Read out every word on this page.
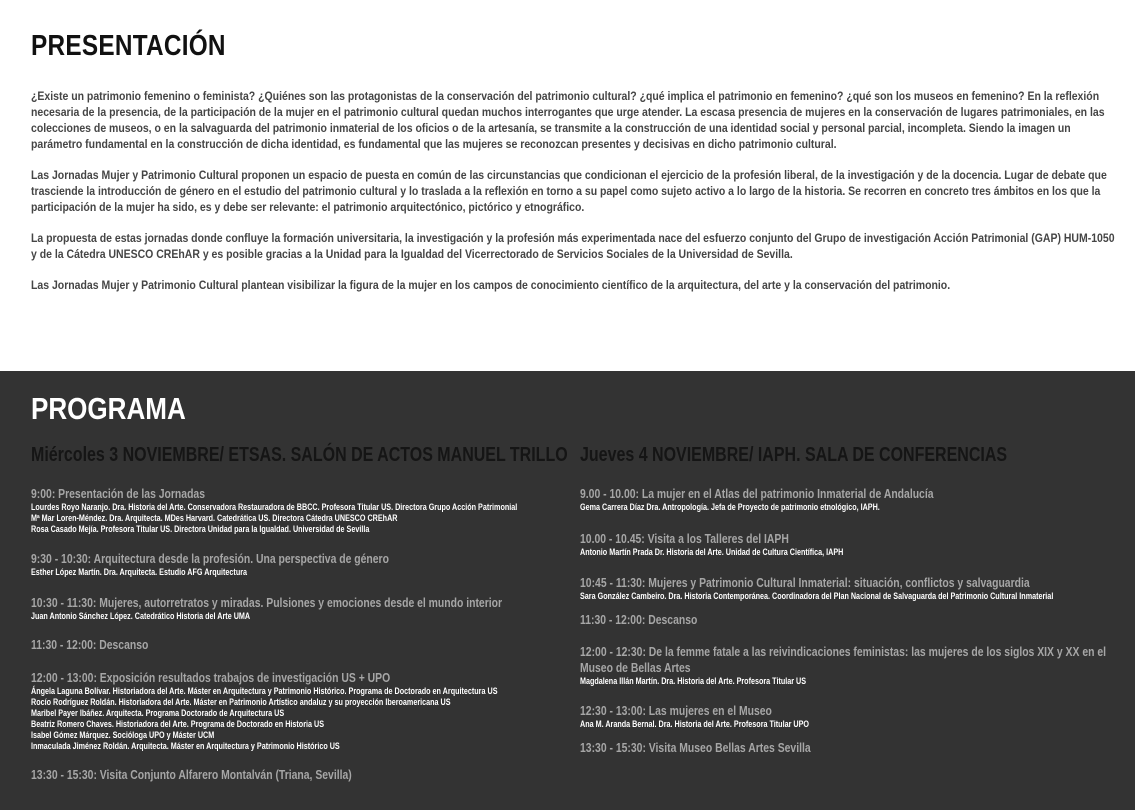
PRESENTACIÓN

¿Existe un patrimonio femenino o feminista? ¿Quiénes son las protagonistas de la conservación del patrimonio cultural? ¿qué implica el patrimonio en femenino? ¿qué son los museos en femenino? En la reflexión necesaria de la presencia, de la participación de la mujer en el patrimonio cultural quedan muchos interrogantes que urge atender. La escasa presencia de mujeres en la conservación de lugares patrimoniales, en las colecciones de museos, o en la salvaguarda del patrimonio inmaterial de los oficios o de la artesanía, se transmite a la construcción de una identidad social y personal parcial, incompleta. Siendo la imagen un parámetro fundamental en la construcción de dicha identidad, es fundamental que las mujeres se reconozcan presentes y decisivas en dicho patrimonio cultural.

Las Jornadas Mujer y Patrimonio Cultural proponen un espacio de puesta en común de las circunstancias que condicionan el ejercicio de la profesión liberal, de la investigación y de la docencia. Lugar de debate que trasciende la introducción de género en el estudio del patrimonio cultural y lo traslada a la reflexión en torno a su papel como sujeto activo a lo largo de la historia. Se recorren en concreto tres ámbitos en los que la participación de la mujer ha sido, es y debe ser relevante: el patrimonio arquitectónico, pictórico y etnográfico.

La propuesta de estas jornadas donde confluye la formación universitaria, la investigación y la profesión más experimentada nace del esfuerzo conjunto del Grupo de investigación Acción Patrimonial (GAP) HUM-1050 y de la Cátedra UNESCO CREhAR y es posible gracias a la Unidad para la Igualdad del Vicerrectorado de Servicios Sociales de la Universidad de Sevilla.

Las Jornadas Mujer y Patrimonio Cultural plantean visibilizar la figura de la mujer en los campos de conocimiento científico de la arquitectura, del arte y la conservación del patrimonio.

PROGRAMA
Miércoles 3 NOVIEMBRE/ ETSAS. SALÓN DE ACTOS MANUEL TRILLO
9:00: Presentación de las Jornadas
Lourdes Royo Naranjo. Dra. Historia del Arte. Conservadora Restauradora de BBCC. Profesora Titular US. Directora Grupo Acción Patrimonial
Mª Mar Loren-Méndez. Dra. Arquitecta. MDes Harvard. Catedrática US. Directora Cátedra UNESCO CREhAR
Rosa Casado Mejía. Profesora Titular US. Directora Unidad para la Igualdad. Universidad de Sevilla
9:30 - 10:30: Arquitectura desde la profesión. Una perspectiva de género
Esther López Martín. Dra. Arquitecta. Estudio AFG Arquitectura
10:30 - 11:30: Mujeres, autorretratos y miradas. Pulsiones y emociones desde el mundo interior
Juan Antonio Sánchez López. Catedrático Historia del Arte UMA
11:30 - 12:00: Descanso
12:00 - 13:00: Exposición resultados trabajos de investigación US + UPO
Ángela Laguna Bolívar. Historiadora del Arte. Máster en Arquitectura y Patrimonio Histórico. Programa de Doctorado en Arquitectura US
Rocío Rodríguez Roldán. Historiadora del Arte. Máster en Patrimonio Artístico andaluz y su proyección Iberoamericana US
Maribel Payer Ibáñez. Arquitecta. Programa Doctorado de Arquitectura US
Beatriz Romero Chaves. Historiadora del Arte. Programa de Doctorado en Historia US
Isabel Gómez Márquez. Socióloga UPO y Máster UCM
Inmaculada Jiménez Roldán. Arquitecta. Máster en Arquitectura y Patrimonio Histórico US
13:30 - 15:30: Visita Conjunto Alfarero Montalván (Triana, Sevilla)
Jueves 4 NOVIEMBRE/ IAPH. SALA DE CONFERENCIAS
9.00 - 10.00: La mujer en el Atlas del patrimonio Inmaterial de Andalucía
Gema Carrera Díaz Dra. Antropología. Jefa de Proyecto de patrimonio etnológico, IAPH.
10.00 - 10.45: Visita a los Talleres del IAPH
Antonio Martín Prada Dr. Historia del Arte. Unidad de Cultura Científica, IAPH
10:45 - 11:30: Mujeres y Patrimonio Cultural Inmaterial: situación, conflictos y salvaguardia
Sara González Cambeiro. Dra. Historia Contemporánea. Coordinadora del Plan Nacional de Salvaguarda del Patrimonio Cultural Inmaterial
11:30 - 12:00: Descanso
12:00 - 12:30: De la femme fatale a las reivindicaciones feministas: las mujeres de los siglos XIX y XX en el Museo de Bellas Artes
Magdalena Illán Martín. Dra. Historia del Arte. Profesora Titular US
12:30 - 13:00: Las mujeres en el Museo
Ana M. Aranda Bernal. Dra. Historia del Arte. Profesora Titular UPO
13:30 - 15:30: Visita Museo Bellas Artes Sevilla
